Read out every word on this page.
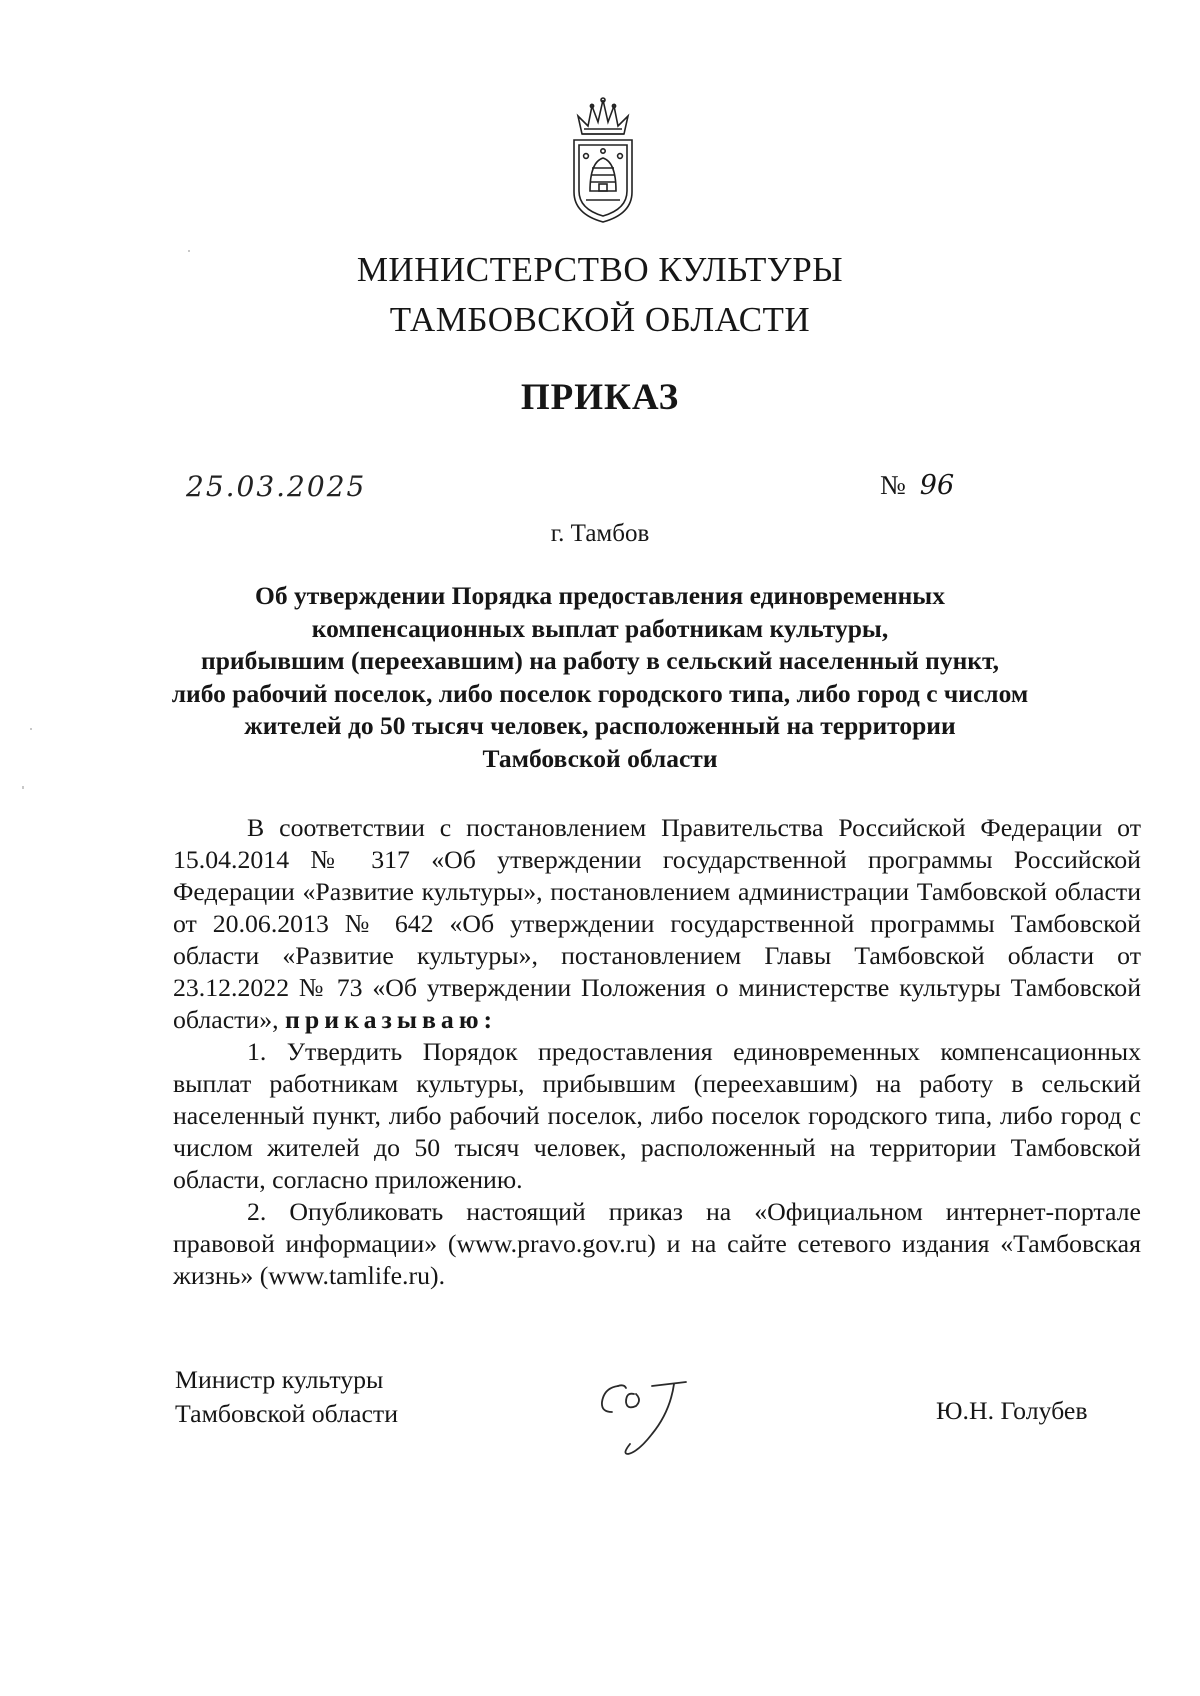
МИНИСТЕРСТВО КУЛЬТУРЫ
ТАМБОВСКОЙ ОБЛАСТИ
ПРИКАЗ
25.03.2025	№ 96
г. Тамбов
Об утверждении Порядка предоставления единовременных
компенсационных выплат работникам культуры,
прибывшим (переехавшим) на работу в сельский населенный пункт,
либо рабочий поселок, либо поселок городского типа, либо город с числом
жителей до 50 тысяч человек, расположенный на территории
Тамбовской области

В соответствии с постановлением Правительства Российской Федерации от 15.04.2014 № 317 «Об утверждении государственной программы Российской Федерации «Развитие культуры», постановлением администрации Тамбовской области от 20.06.2013 № 642 «Об утверждении государственной программы Тамбовской области «Развитие культуры», постановлением Главы Тамбовской области от 23.12.2022 № 73 «Об утверждении Положения о министерстве культуры Тамбовской области», приказываю:

1. Утвердить Порядок предоставления единовременных компенсационных выплат работникам культуры, прибывшим (переехавшим) на работу в сельский населенный пункт, либо рабочий поселок, либо поселок городского типа, либо город с числом жителей до 50 тысяч человек, расположенный на территории Тамбовской области, согласно приложению.

2. Опубликовать настоящий приказ на «Официальном интернет-портале правовой информации» (www.pravo.gov.ru) и на сайте сетевого издания «Тамбовская жизнь» (www.tamlife.ru).

Министр культуры
Тамбовской области	Ю.Н. Голубев
